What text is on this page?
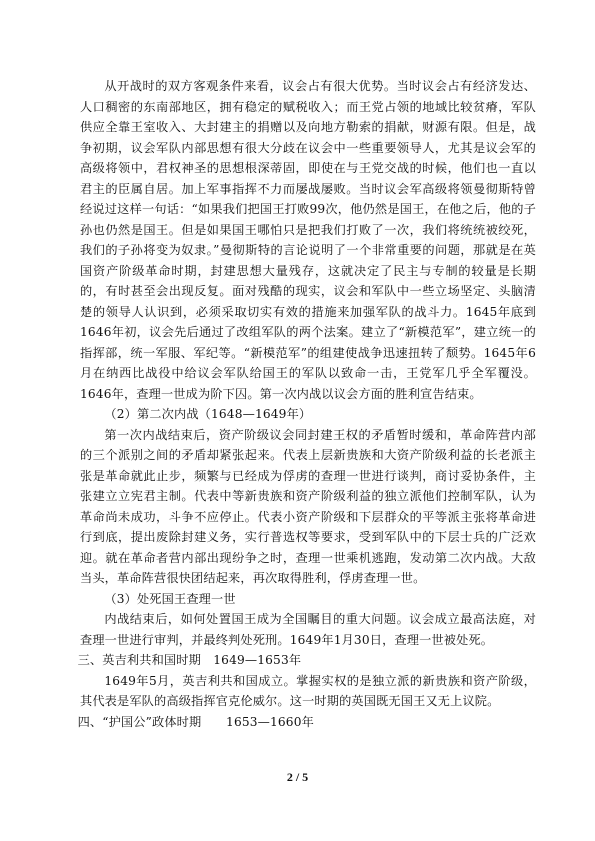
从开战时的双方客观条件来看，议会占有很大优势。当时议会占有经济发达、人口稠密的东南部地区，拥有稳定的赋税收入；而王党占领的地域比较贫瘠，军队供应全靠王室收入、大封建主的捐赠以及向地方勒索的捐献，财源有限。但是，战争初期，议会军队内部思想有很大分歧在议会中一些重要领导人，尤其是议会军的高级将领中，君权神圣的思想根深蒂固，即使在与王党交战的时候，他们也一直以君主的臣属自居。加上军事指挥不力而屡战屡败。当时议会军高级将领曼彻斯特曾经说过这样一句话：“如果我们把国王打败99次，他仍然是国王，在他之后，他的子孙也仍然是国王。但是如果国王哪怕只是把我们打败了一次，我们将统统被绞死，我们的子孙将变为奴隶。”曼彻斯特的言论说明了一个非常重要的问题，那就是在英国资产阶级革命时期，封建思想大量残存，这就决定了民主与专制的较量是长期的，有时甚至会出现反复。面对残酷的现实，议会和军队中一些立场坚定、头脑清楚的领导人认识到，必须采取切实有效的措施来加强军队的战斗力。1645年底到1646年初，议会先后通过了改组军队的两个法案。建立了“新模范军”，建立统一的指挥部，统一军服、军纪等。“新模范军”的组建使战争迅速扭转了颓势。1645年6月在纳西比战役中给议会军队给国王的军队以致命一击，王党军几乎全军覆没。1646年，查理一世成为阶下囚。第一次内战以议会方面的胜利宣告结束。

（2）第二次内战（1648—1649年）

第一次内战结束后，资产阶级议会同封建王权的矛盾暂时缓和，革命阵营内部的三个派别之间的矛盾却紧张起来。代表上层新贵族和大资产阶级利益的长老派主张是革命就此止步，频繁与已经成为俘虏的查理一世进行谈判，商讨妥协条件，主张建立立宪君主制。代表中等新贵族和资产阶级利益的独立派他们控制军队，认为革命尚未成功，斗争不应停止。代表小资产阶级和下层群众的平等派主张将革命进行到底，提出废除封建义务，实行普选权等要求，受到军队中的下层士兵的广泛欢迎。就在革命者营内部出现纷争之时，查理一世乘机逃跑，发动第二次内战。大敌当头，革命阵营很快团结起来，再次取得胜利，俘虏查理一世。

（3）处死国王查理一世

内战结束后，如何处置国王成为全国瞩目的重大问题。议会成立最高法庭，对查理一世进行审判，并最终判处死刑。1649年1月30日，查理一世被处死。

三、英吉利共和国时期　1649—1653年

1649年5月，英吉利共和国成立。掌握实权的是独立派的新贵族和资产阶级，其代表是军队的高级指挥官克伦威尔。这一时期的英国既无国王又无上议院。

四、“护国公”政体时期　　1653—1660年

2 / 5
